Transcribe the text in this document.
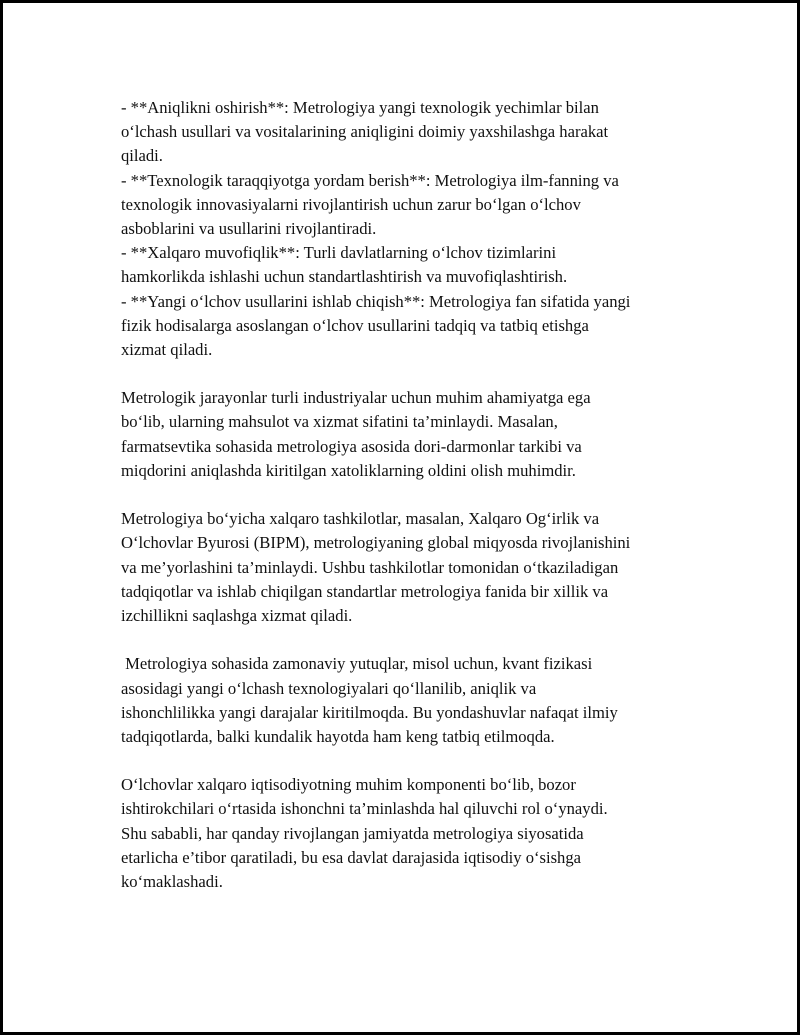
- **Aniqlikni oshirish**: Metrologiya yangi texnologik yechimlar bilan
o‘lchash usullari va vositalarining aniqligini doimiy yaxshilashga harakat
qiladi.
- **Texnologik taraqqiyotga yordam berish**: Metrologiya ilm-fanning va
texnologik innovasiyalarni rivojlantirish uchun zarur bo‘lgan o‘lchov
asboblarini va usullarini rivojlantiradi.
- **Xalqaro muvofiqlik**: Turli davlatlarning o‘lchov tizimlarini
hamkorlikda ishlashi uchun standartlashtirish va muvofiqlashtirish.
- **Yangi o‘lchov usullarini ishlab chiqish**: Metrologiya fan sifatida yangi
fizik hodisalarga asoslangan o‘lchov usullarini tadqiq va tatbiq etishga
xizmat qiladi.
Metrologik jarayonlar turli industriyalar uchun muhim ahamiyatga ega
bo‘lib, ularning mahsulot va xizmat sifatini ta’minlaydi. Masalan,
farmatsevtika sohasida metrologiya asosida dori-darmonlar tarkibi va
miqdorini aniqlashda kiritilgan xatoliklarning oldini olish muhimdir.
Metrologiya bo‘yicha xalqaro tashkilotlar, masalan, Xalqaro Og‘irlik va
O‘lchovlar Byurosi (BIPM), metrologiyaning global miqyosda rivojlanishini
va me’yorlashini ta’minlaydi. Ushbu tashkilotlar tomonidan o‘tkaziladigan
tadqiqotlar va ishlab chiqilgan standartlar metrologiya fanida bir xillik va
izchillikni saqlashga xizmat qiladi.
Metrologiya sohasida zamonaviy yutuqlar, misol uchun, kvant fizikasi
asosidagi yangi o‘lchash texnologiyalari qo‘llanilib, aniqlik va
ishonchlilikka yangi darajalar kiritilmoqda. Bu yondashuvlar nafaqat ilmiy
tadqiqotlarda, balki kundalik hayotda ham keng tatbiq etilmoqda.
O‘lchovlar xalqaro iqtisodiyotning muhim komponenti bo‘lib, bozor
ishtirokchilari o‘rtasida ishonchni ta’minlashda hal qiluvchi rol o‘ynaydi.
Shu sababli, har qanday rivojlangan jamiyatda metrologiya siyosatida
etarlicha e’tibor qaratiladi, bu esa davlat darajasida iqtisodiy o‘sishga
ko‘maklashadi.
